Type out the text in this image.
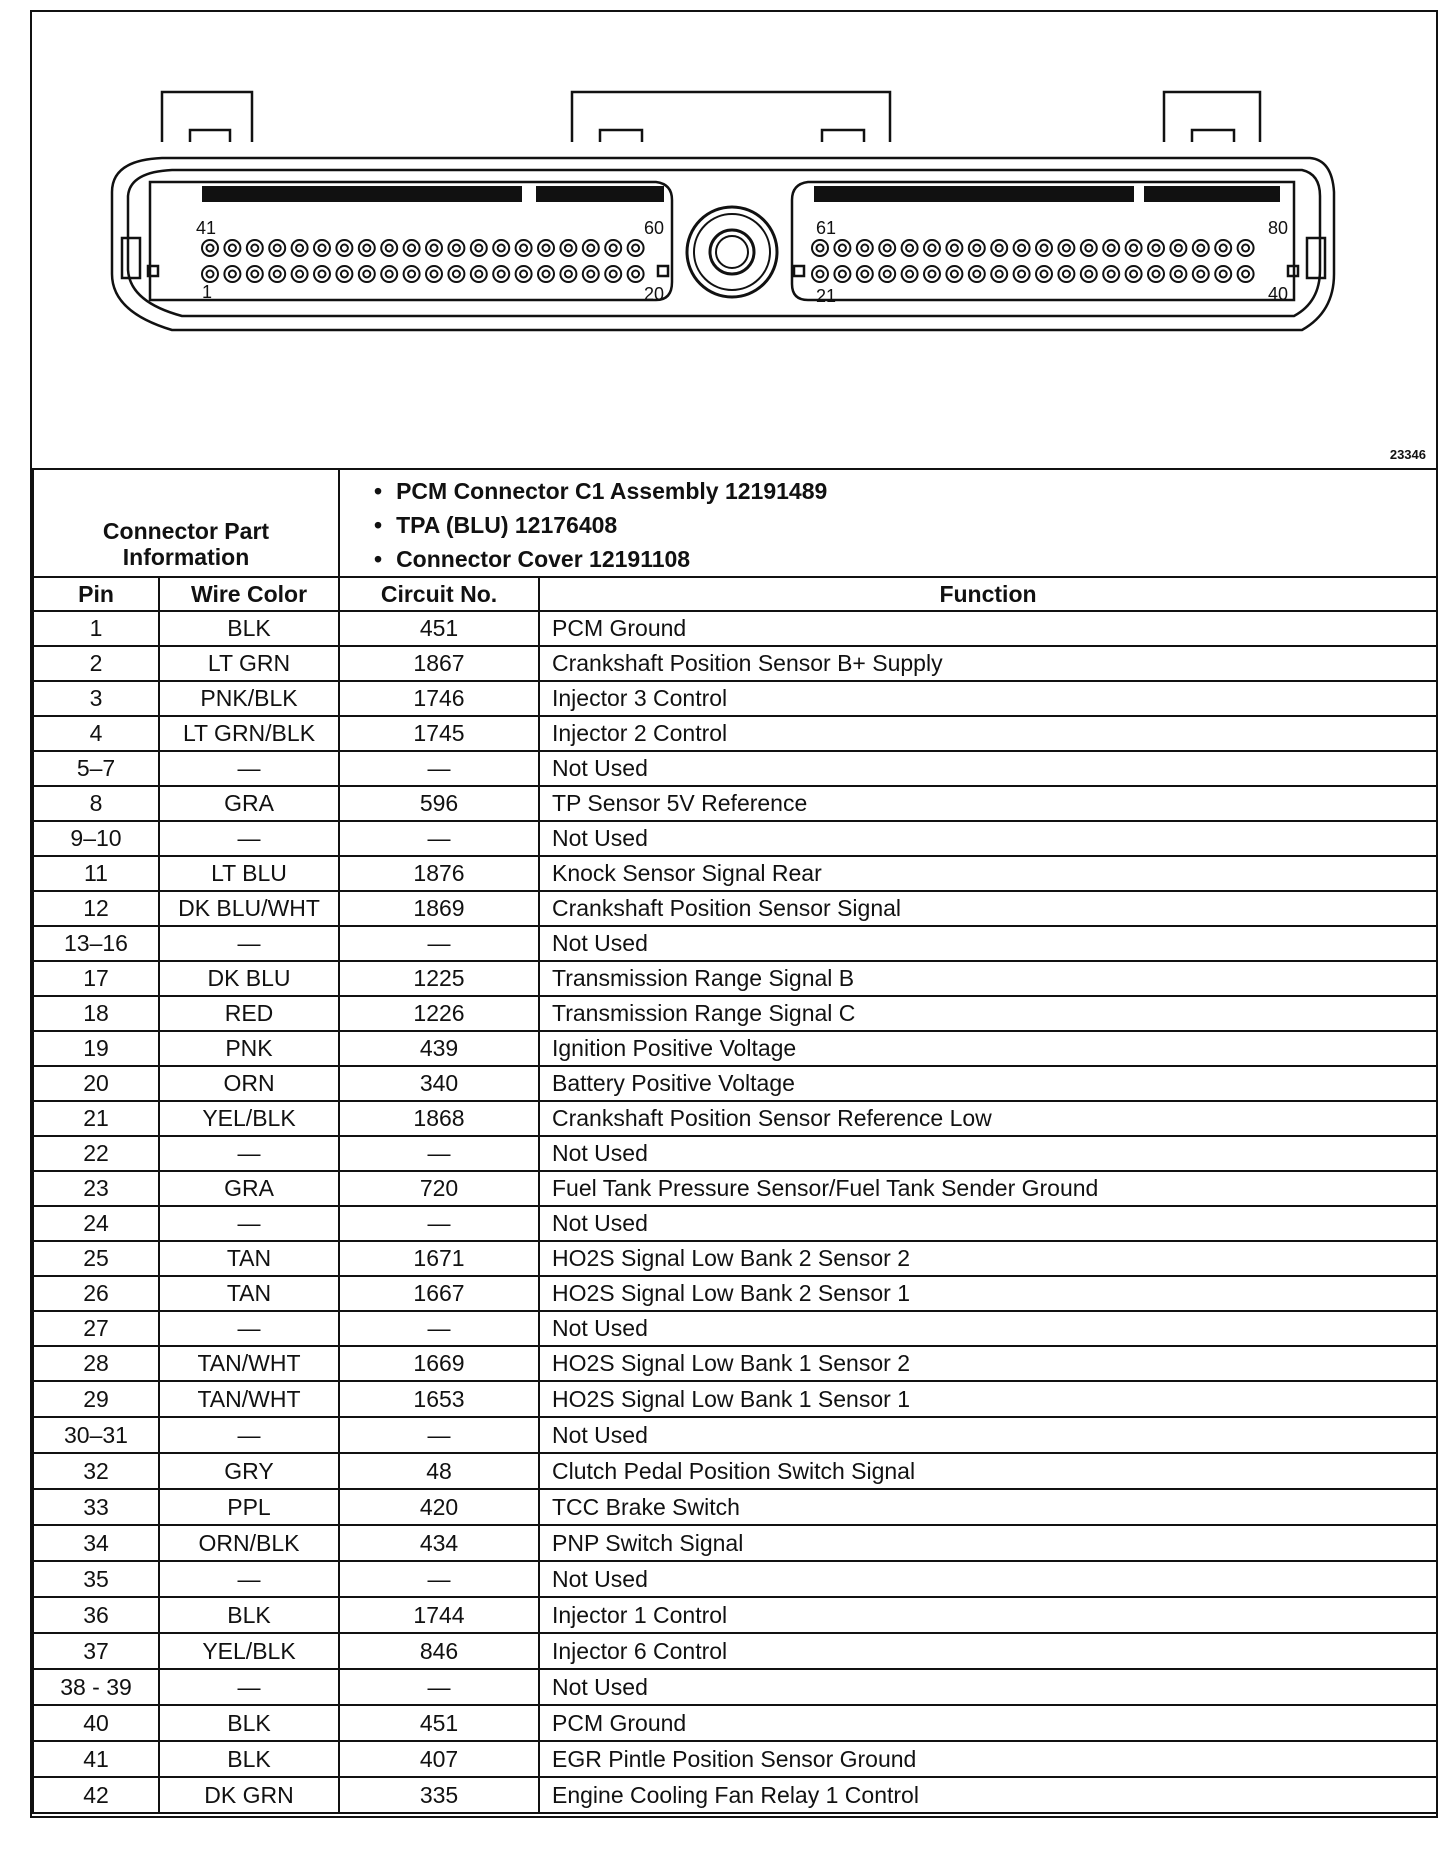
41	60
1	20
61	80
21	40
23346
Connector Part Information		• PCM Connector C1 Assembly 12191489
• TPA (BLU) 12176408
• Connector Cover 12191108

Pin	Wire Color	Circuit No.	Function
1	BLK	451	PCM Ground
2	LT GRN	1867	Crankshaft Position Sensor B+ Supply
3	PNK/BLK	1746	Injector 3 Control
4	LT GRN/BLK	1745	Injector 2 Control
5–7	—	—	Not Used
8	GRA	596	TP Sensor 5V Reference
9–10	—	—	Not Used
11	LT BLU	1876	Knock Sensor Signal Rear
12	DK BLU/WHT	1869	Crankshaft Position Sensor Signal
13–16	—	—	Not Used
17	DK BLU	1225	Transmission Range Signal B
18	RED	1226	Transmission Range Signal C
19	PNK	439	Ignition Positive Voltage
20	ORN	340	Battery Positive Voltage
21	YEL/BLK	1868	Crankshaft Position Sensor Reference Low
22	—	—	Not Used
23	GRA	720	Fuel Tank Pressure Sensor/Fuel Tank Sender Ground
24	—	—	Not Used
25	TAN	1671	HO2S Signal Low Bank 2 Sensor 2
26	TAN	1667	HO2S Signal Low Bank 2 Sensor 1
27	—	—	Not Used
28	TAN/WHT	1669	HO2S Signal Low Bank 1 Sensor 2
29	TAN/WHT	1653	HO2S Signal Low Bank 1 Sensor 1
30–31	—	—	Not Used
32	GRY	48	Clutch Pedal Position Switch Signal
33	PPL	420	TCC Brake Switch
34	ORN/BLK	434	PNP Switch Signal
35	—	—	Not Used
36	BLK	1744	Injector 1 Control
37	YEL/BLK	846	Injector 6 Control
38 - 39	—	—	Not Used
40	BLK	451	PCM Ground
41	BLK	407	EGR Pintle Position Sensor Ground
42	DK GRN	335	Engine Cooling Fan Relay 1 Control
